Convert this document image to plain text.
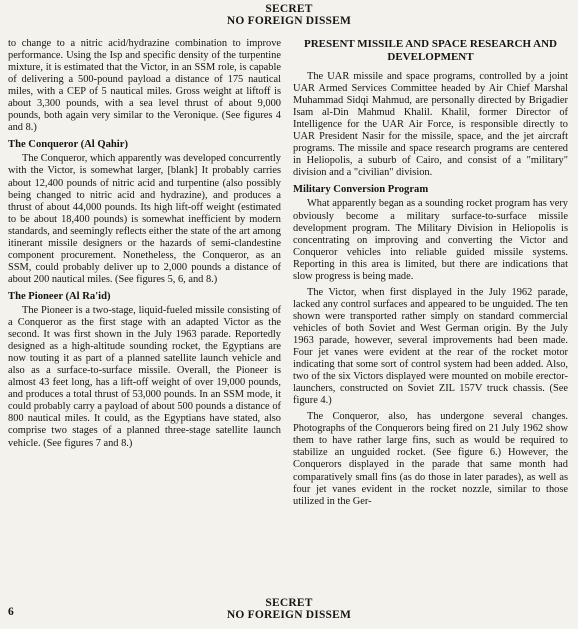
SECRET
NO FOREIGN DISSEM

to change to a nitric acid/hydrazine combination to improve performance. Using the Isp and specific density of the turpentine mixture, it is estimated that the Victor, in an SSM role, is capable of delivering a 500-pound payload a distance of 175 nautical miles, with a CEP of 5 nautical miles. Gross weight at liftoff is about 3,300 pounds, with a sea level thrust of about 9,000 pounds, both again very similar to the Veronique. (See figures 4 and 8.)

The Conqueror (Al Qahir)

The Conqueror, which apparently was developed concurrently with the Victor, is somewhat larger, [blank] It probably carries about 12,400 pounds of nitric acid and turpentine (also possibly being changed to nitric acid and hydrazine), and produces a thrust of about 44,000 pounds. Its high lift-off weight (estimated to be about 18,400 pounds) is somewhat inefficient by modern standards, and seemingly reflects either the state of the art among itinerant missile designers or the hazards of semi-clandestine component procurement. Nonetheless, the Conqueror, as an SSM, could probably deliver up to 2,000 pounds a distance of about 200 nautical miles. (See figures 5, 6, and 8.)

The Pioneer (Al Ra'id)

The Pioneer is a two-stage, liquid-fueled missile consisting of a Conqueror as the first stage with an adapted Victor as the second. It was first shown in the July 1963 parade. Reportedly designed as a high-altitude sounding rocket, the Egyptians are now touting it as part of a planned satellite launch vehicle and also as a surface-to-surface missile. Overall, the Pioneer is almost 43 feet long, has a lift-off weight of over 19,000 pounds, and produces a total thrust of 53,000 pounds. In an SSM mode, it could probably carry a payload of about 500 pounds a distance of 800 nautical miles. It could, as the Egyptians have stated, also comprise two stages of a planned three-stage satellite launch vehicle. (See figures 7 and 8.)

PRESENT MISSILE AND SPACE RESEARCH AND DEVELOPMENT

The UAR missile and space programs, controlled by a joint UAR Armed Services Committee headed by Air Chief Marshal Muhammad Sidqi Mahmud, are personally directed by Brigadier Isam al-Din Mahmud Khalil. Khalil, former Director of Intelligence for the UAR Air Force, is responsible directly to UAR President Nasir for the missile, space, and the jet aircraft programs. The missile and space research programs are centered in Heliopolis, a suburb of Cairo, and consist of a "military" division and a "civilian" division.

Military Conversion Program

What apparently began as a sounding rocket program has very obviously become a military surface-to-surface missile development program. The Military Division in Heliopolis is concentrating on improving and converting the Victor and Conqueror vehicles into reliable guided missile systems. Reporting in this area is limited, but there are indications that slow progress is being made.

The Victor, when first displayed in the July 1962 parade, lacked any control surfaces and appeared to be unguided. The ten shown were transported rather simply on standard commercial vehicles of both Soviet and West German origin. By the July 1963 parade, however, several improvements had been made. Four jet vanes were evident at the rear of the rocket motor indicating that some sort of control system had been added. Also, two of the six Victors displayed were mounted on mobile erector-launchers, constructed on Soviet ZIL 157V truck chassis. (See figure 4.)

The Conqueror, also, has undergone several changes. Photographs of the Conquerors being fired on 21 July 1962 show them to have rather large fins, such as would be required to stabilize an unguided rocket. (See figure 6.) However, the Conquerors displayed in the parade that same month had comparatively small fins (as do those in later parades), as well as four jet vanes evident in the rocket nozzle, similar to those utilized in the Ger-

6
SECRET
NO FOREIGN DISSEM
